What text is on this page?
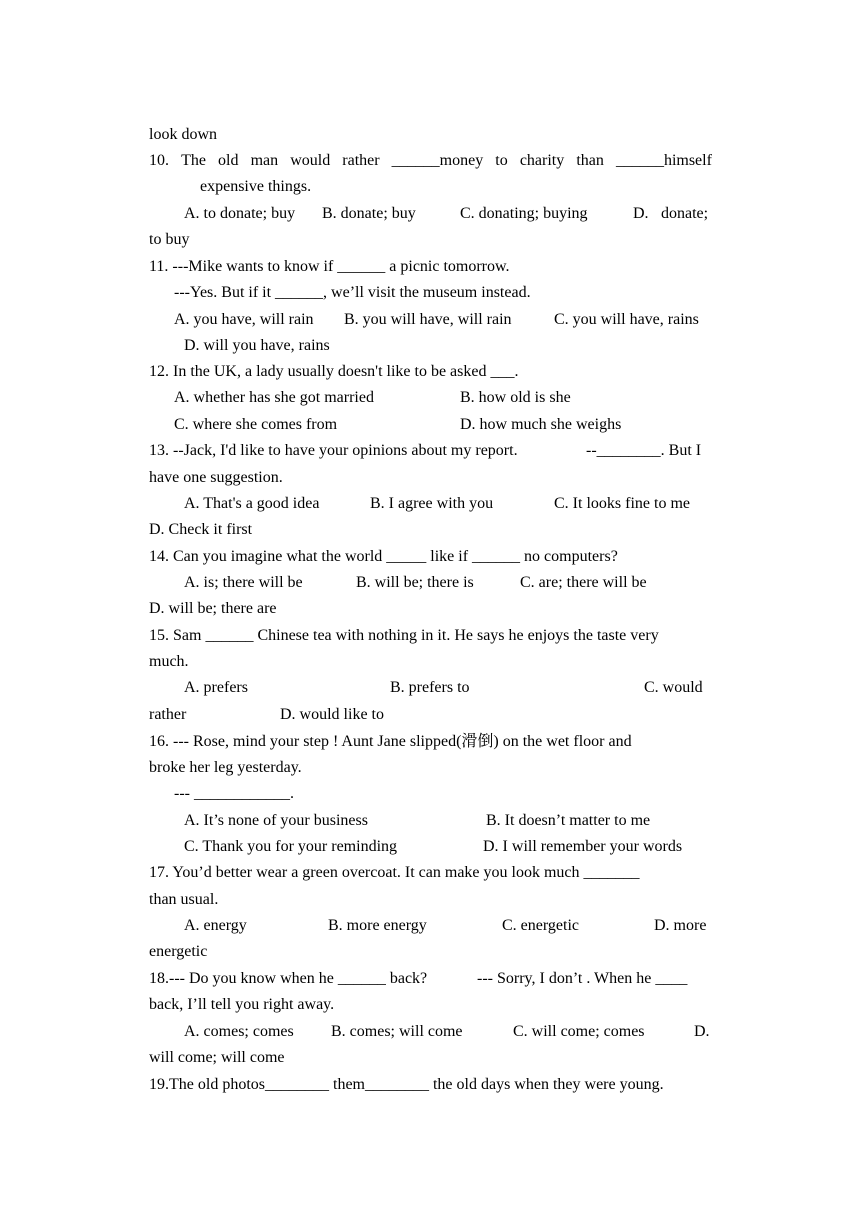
look down
10. The old man would rather ______money to charity than ______himself
expensive things.
A. to donate; buy B. donate; buy	C. donating; buying	D. donate;
to buy
11. ---Mike wants to know if ______ a picnic tomorrow.
---Yes. But if it ______, we’ll visit the museum instead.
A. you have, will rain B. you will have, will rain	C. you will have, rains
D. will you have, rains
12. In the UK, a lady usually doesn't like to be asked ___.
A. whether has she got married	B. how old is she
C. where she comes from	D. how much she weighs
13. --Jack, I'd like to have your opinions about my report.	--________. But I
have one suggestion.
A. That's a good idea	B. I agree with you	C. It looks fine to me
D. Check it first
14. Can you imagine what the world _____ like if ______ no computers?
A. is; there will be	B. will be; there is	C. are; there will be
D. will be; there are
15. Sam ______ Chinese tea with nothing in it. He says he enjoys the taste very
much.
A. prefers	B. prefers to	C. would
rather	D. would like to
16. --- Rose, mind your step ! Aunt Jane slipped(滑倒) on the wet floor and
broke her leg yesterday.
--- ____________.
A. It’s none of your business	B. It doesn’t matter to me
C. Thank you for your reminding	D. I will remember your words
17. You’d better wear a green overcoat. It can make you look much _______
than usual.
A. energy	B. more energy	C. energetic	D. more
energetic
18.--- Do you know when he ______ back?	--- Sorry, I don’t . When he ____
back, I’ll tell you right away.
A. comes; comes B. comes; will come	C. will come; comes	D.
will come; will come
19.The old photos________ them________ the old days when they were young.
